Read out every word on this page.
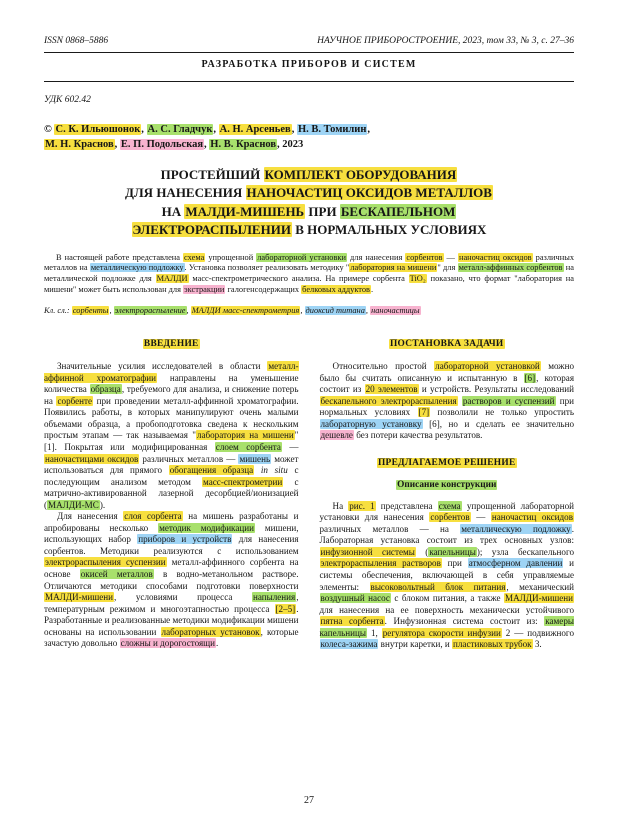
ISSN 0868–5886	НАУЧНОЕ ПРИБОРОСТРОЕНИЕ, 2023, том 33, № 3, c. 27–36
РАЗРАБОТКА ПРИБОРОВ И СИСТЕМ
УДК 602.42
© С. К. Ильюшонок, А. С. Гладчук, А. Н. Арсеньев, Н. В. Томилин,
М. Н. Краснов, Е. П. Подольская, Н. В. Краснов, 2023
ПРОСТЕЙШИЙ КОМПЛЕКТ ОБОРУДОВАНИЯ
ДЛЯ НАНЕСЕНИЯ НАНОЧАСТИЦ ОКСИДОВ МЕТАЛЛОВ
НА МАЛДИ-МИШЕНЬ ПРИ БЕСКАПЕЛЬНОМ
ЭЛЕКТРОРАСПЫЛЕНИИ В НОРМАЛЬНЫХ УСЛОВИЯХ
В настоящей работе представлена схема упрощенной лабораторной установки для нанесения сорбентов — наночастиц оксидов различных металлов на металлическую подложку. Установка позволяет реализовать методику "лаборатория на мишени" для металл-аффинных сорбентов на металлической подложке для МАЛДИ масс-спектрометрического анализа. На примере сорбента TiO₂ показано, что формат "лаборатория на мишени" может быть использован для экстракции галогенсодержащих белковых аддуктов.
Кл. сл.: сорбенты, электрораспыление, МАЛДИ масс-спектрометрия, диоксид титана, наночастицы
ВВЕДЕНИЕ

Значительные усилия исследователей в области металл-аффинной хроматографии направлены на уменьшение количества образца, требуемого для анализа, и снижение потерь на сорбенте при проведении металл-аффинной хроматографии. Появились работы, в которых манипулируют очень малыми объемами образца, а пробоподготовка сведена к нескольким простым этапам — так называемая "лаборатория на мишени" [1]. Покрытая или модифицированная слоем сорбента — наночастицами оксидов различных металлов — мишень может использоваться для прямого обогащения образца in situ с последующим анализом методом масс-спектрометрии с матрично-активированной лазерной десорбцией/ионизацией (МАЛДИ-МС).

Для нанесения слоя сорбента на мишень разработаны и апробированы несколько методик модификации мишени, использующих набор приборов и устройств для нанесения сорбентов. Методики реализуются с использованием электрораспыления суспензии металл-аффинного сорбента на основе окисей металлов в водно-метанольном растворе. Отличаются методики способами подготовки поверхности МАЛДИ-мишени, условиями процесса напыления, температурным режимом и многоэтапностью процесса [2–5]. Разработанные и реализованные методики модификации мишени основаны на использовании лабораторных установок, которые зачастую довольно сложны и дорогостоящи.

ПОСТАНОВКА ЗАДАЧИ

Относительно простой лабораторной установкой можно было бы считать описанную и испытанную в [6], которая состоит из 20 элементов и устройств. Результаты исследований бескапельного электрораспыления растворов и суспензий при нормальных условиях [7] позволили не только упростить лабораторную установку [6], но и сделать ее значительно дешевле без потери качества результатов.

ПРЕДЛАГАЕМОЕ РЕШЕНИЕ
Описание конструкции

На рис. 1 представлена схема упрощенной лабораторной установки для нанесения сорбентов — наночастиц оксидов различных металлов — на металлическую подложку. Лабораторная установка состоит из трех основных узлов: инфузионной системы (капельницы); узла бескапельного электрораспыления растворов при атмосферном давлении и системы обеспечения, включающей в себя управляемые элементы: высоковольтный блок питания, механический воздушный насос с блоком питания, а также МАЛДИ-мишени для нанесения на ее поверхность механически устойчивого пятна сорбента. Инфузионная система состоит из: камеры капельницы 1, регулятора скорости инфузии 2 — подвижного колеса-зажима внутри каретки, и пластиковых трубок 3.

27
